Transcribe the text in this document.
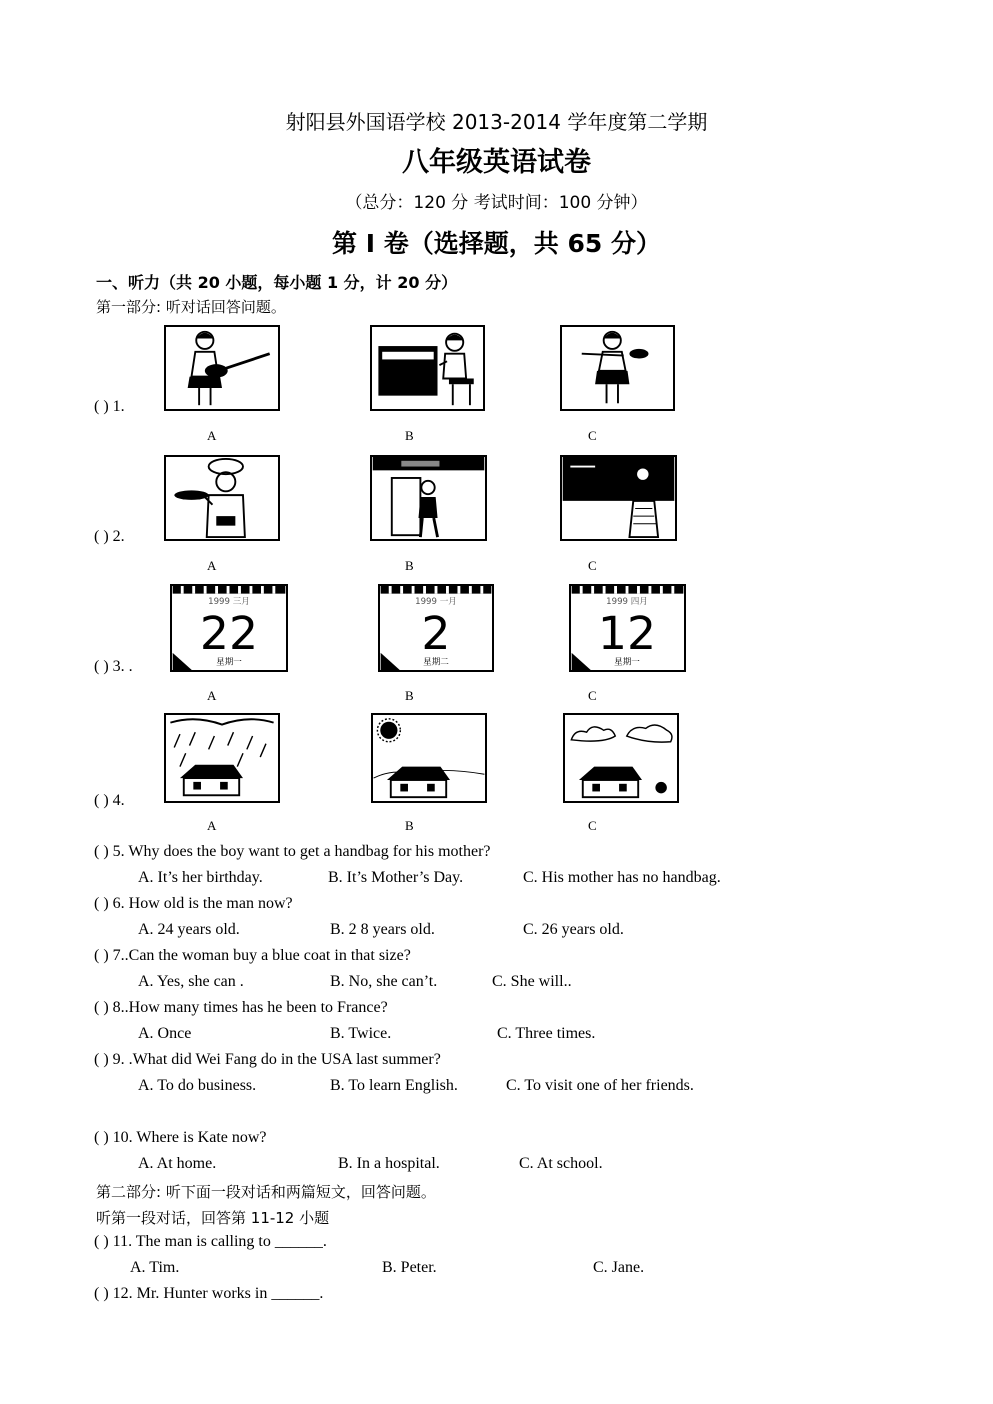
射阳县外国语学校 2013-2014 学年度第二学期
八年级英语试卷
（总分：120 分 考试时间：100 分钟）
第 I 卷（选择题，共 65 分）
一、听力（共 20 小题，每小题 1 分，计 20 分）
第一部分: 听对话回答问题。
( ) 1.
A	B	C
( ) 2.
A	B	C
( ) 3. .
1999 三月
22
星期一
1999 一月
2
星期二
1999 四月
12
星期一
A	B	C
( ) 4.
A	B	C
( ) 5. Why does the boy want to get a handbag for his mother?
A. It’s her birthday.	B. It’s Mother’s Day.	C. His mother has no handbag.
( ) 6. How old is the man now?
A. 24 years old.	B. 2 8 years old.	C. 26 years old.
( ) 7..Can the woman buy a blue coat in that size?
A. Yes, she can .	B. No, she can’t.	C. She will..
( ) 8..How many times has he been to France?
A. Once	B. Twice.	C. Three times.
( ) 9. .What did Wei Fang do in the USA last summer?
A. To do business.	B. To learn English.	C. To visit one of her friends.
( ) 10. Where is Kate now?
A. At home.	B. In a hospital.	C. At school.
第二部分: 听下面一段对话和两篇短文，回答问题。
听第一段对话，回答第 11-12 小题
( ) 11. The man is calling to ______.
A. Tim.	B. Peter.	C. Jane.
( ) 12. Mr. Hunter works in ______.
